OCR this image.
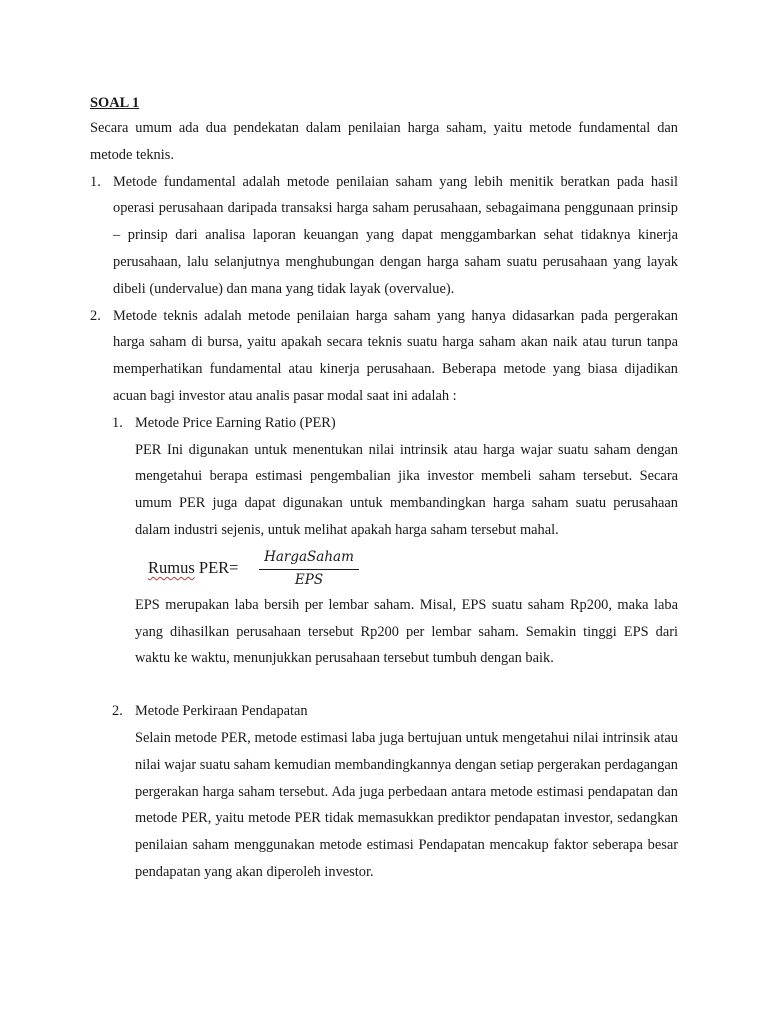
SOAL 1

Secara umum ada dua pendekatan dalam penilaian harga saham, yaitu metode fundamental dan metode teknis.

1. Metode fundamental adalah metode penilaian saham yang lebih menitik beratkan pada hasil operasi perusahaan daripada transaksi harga saham perusahaan, sebagaimana penggunaan prinsip – prinsip dari analisa laporan keuangan yang dapat menggambarkan sehat tidaknya kinerja perusahaan, lalu selanjutnya menghubungan dengan harga saham suatu perusahaan yang layak dibeli (undervalue) dan mana yang tidak layak (overvalue).

2. Metode teknis adalah metode penilaian harga saham yang hanya didasarkan pada pergerakan harga saham di bursa, yaitu apakah secara teknis suatu harga saham akan naik atau turun tanpa memperhatikan fundamental atau kinerja perusahaan. Beberapa metode yang biasa dijadikan acuan bagi investor atau analis pasar modal saat ini adalah :

1. Metode Price Earning Ratio (PER)

PER Ini digunakan untuk menentukan nilai intrinsik atau harga wajar suatu saham dengan mengetahui berapa estimasi pengembalian jika investor membeli saham tersebut. Secara umum PER juga dapat digunakan untuk membandingkan harga saham suatu perusahaan dalam industri sejenis, untuk melihat apakah harga saham tersebut mahal.

Rumus PER=
HargaSaham
EPS

EPS merupakan laba bersih per lembar saham. Misal, EPS suatu saham Rp200, maka laba yang dihasilkan perusahaan tersebut Rp200 per lembar saham. Semakin tinggi EPS dari waktu ke waktu, menunjukkan perusahaan tersebut tumbuh dengan baik.

2. Metode Perkiraan Pendapatan

Selain metode PER, metode estimasi laba juga bertujuan untuk mengetahui nilai intrinsik atau nilai wajar suatu saham kemudian membandingkannya dengan setiap pergerakan perdagangan pergerakan harga saham tersebut. Ada juga perbedaan antara metode estimasi pendapatan dan metode PER, yaitu metode PER tidak memasukkan prediktor pendapatan investor, sedangkan penilaian saham menggunakan metode estimasi Pendapatan mencakup faktor seberapa besar pendapatan yang akan diperoleh investor.
